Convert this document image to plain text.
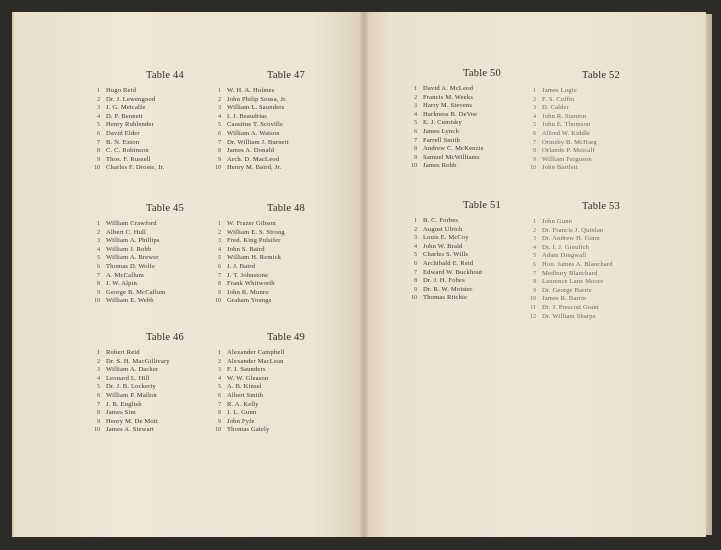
Table 44
1 Hugo Reid
2 Dr. J. Lewengood
3 J. G. Metcalfe
4 D. P. Bennett
5 Henry Ruhlender
6 David Elder
7 B. N. Exton
8 C. C. Robinson
9 Thos. F. Russell
10 Charles F. Droste, Jr.
Table 47
1 W. H. A. Holmes
2 John Philip Sousa, Jr.
3 William L. Saunders
4 I. J. Beaudrias
5 Caustine T. Scoville
6 William A. Watson
7 Dr. William J. Burnett
8 James A. Donald
9 Arch. D. MacLeod
10 Henry M. Baird, Jr.
Table 45
1 William Crawford
2 Albert C. Hull
3 William A. Phillips
4 William J. Robb
5 William A. Brewer
6 Thomas D. Wolfe
7 A. McCallum
8 J. W. Alpin
9 George B. McCallum
10 William E. Webb
Table 48
1 W. Frazer Gibson
2 William E. S. Strong
3 Fred. King Pulsifer
4 John S. Baird
5 William H. Remick
6 J. J. Baird
7 J. T. Johnstone
8 Frank Whitworth
9 John R. Munro
10 Graham Youngs
Table 46
1 Robert Reid
2 Dr. S. H. MacGillivary
3 William A. Dacker
4 Leonard L. Hill
5 Dr. J. B. Lockerty
6 William P. Mallon
7 J. B. English
8 James Sim
9 Henry M. De Mott
10 James A. Stewart
Table 49
1 Alexander Campbell
2 Alexander MacLean
3 F. J. Saunders
4 W. W. Gleason
5 A. B. Kinsel
6 Albert Smith
7 R. A. Kelly
8 J. L. Gunn
9 John Fyfe
10 Thomas Gately
Table 50
1 David A. McLeod
2 Francis M. Weeks
3 Harry M. Stevens
4 Harkness B. DeVoe
5 E. J. Cumisky
6 James Lynch
7 Farrell Smith
8 Andrew C. McKenzie
9 Samuel McWilliams
10 James Robb
Table 52
1 James Logie
2 F. S. Coffin
3 D. Calder
4 John R. Stanton
5 John E. Thomson
6 Alfred W. Kiddle
7 Ormsby B. McHarg
8 Orlando P. Metcalf
9 William Ferguson
10 John Bartlett
Table 51
1 B. C. Forbes
2 August Ulrich
3 Louis E. McCoy
4 John W. Brald
5 Charles S. Wills
6 Archibald E. Reid
7 Edward W. Buckhout
8 Dr. J. H. Fobes
9 Dr. R. W. Moister
10 Thomas Ritchie
Table 53
1 John Gunn
2 Dr. Francis J. Quinlan
3 Dr. Andrew H. Gunn
4 Dr. I. J. Greulich
5 Adam Dingwall
6 Hon. James A. Blanchard
7 Medbury Blanchard
8 Laurence Lane Moore
9 Dr. George Barrie
10 James R. Barrie
11 Dr. J. Prescott Grant
12 Dr. William Sharpe
